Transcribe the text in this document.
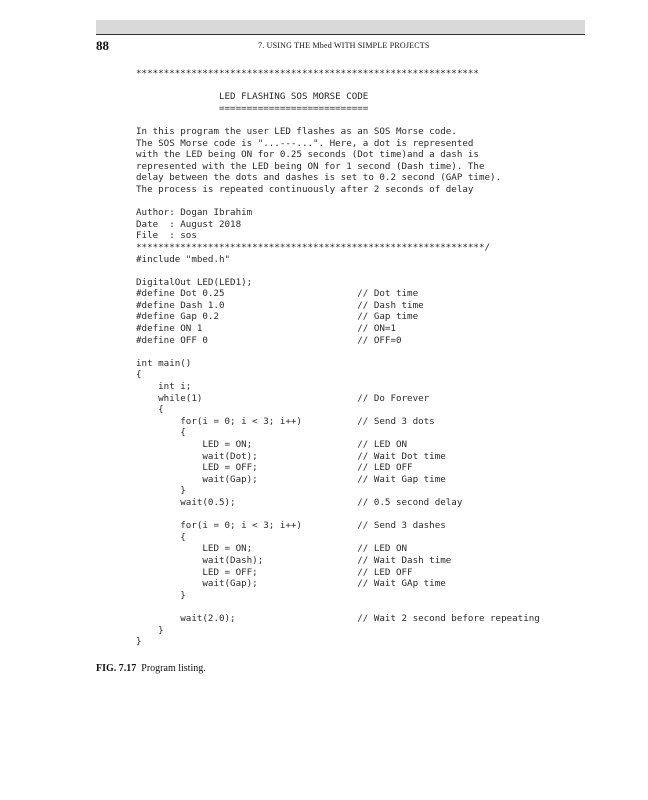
88	7. USING THE Mbed WITH SIMPLE PROJECTS
**************************************************************
LED FLASHING SOS MORSE CODE
===========================
In this program the user LED flashes as an SOS Morse code.
The SOS Morse code is "...---...". Here, a dot is represented
with the LED being ON for 0.25 seconds (Dot time)and a dash is
represented with the LED being ON for 1 second (Dash time). The
delay between the dots and dashes is set to 0.2 second (GAP time).
The process is repeated continuously after 2 seconds of delay
Author: Dogan Ibrahim
Date  : August 2018
File  : sos
***************************************************************/
#include "mbed.h"
DigitalOut LED(LED1);
#define Dot 0.25                        // Dot time
#define Dash 1.0                        // Dash time
#define Gap 0.2                         // Gap time
#define ON 1                            // ON=1
#define OFF 0                           // OFF=0
int main()
{
int i;
while(1)                            // Do Forever
{
for(i = 0; i < 3; i++)          // Send 3 dots
{
LED = ON;                   // LED ON
wait(Dot);                  // Wait Dot time
LED = OFF;                  // LED OFF
wait(Gap);                  // Wait Gap time
}
wait(0.5);                      // 0.5 second delay
for(i = 0; i < 3; i++)          // Send 3 dashes
{
LED = ON;                   // LED ON
wait(Dash);                 // Wait Dash time
LED = OFF;                  // LED OFF
wait(Gap);                  // Wait GAp time
}
wait(2.0);                      // Wait 2 second before repeating
}
}
FIG. 7.17 Program listing.
